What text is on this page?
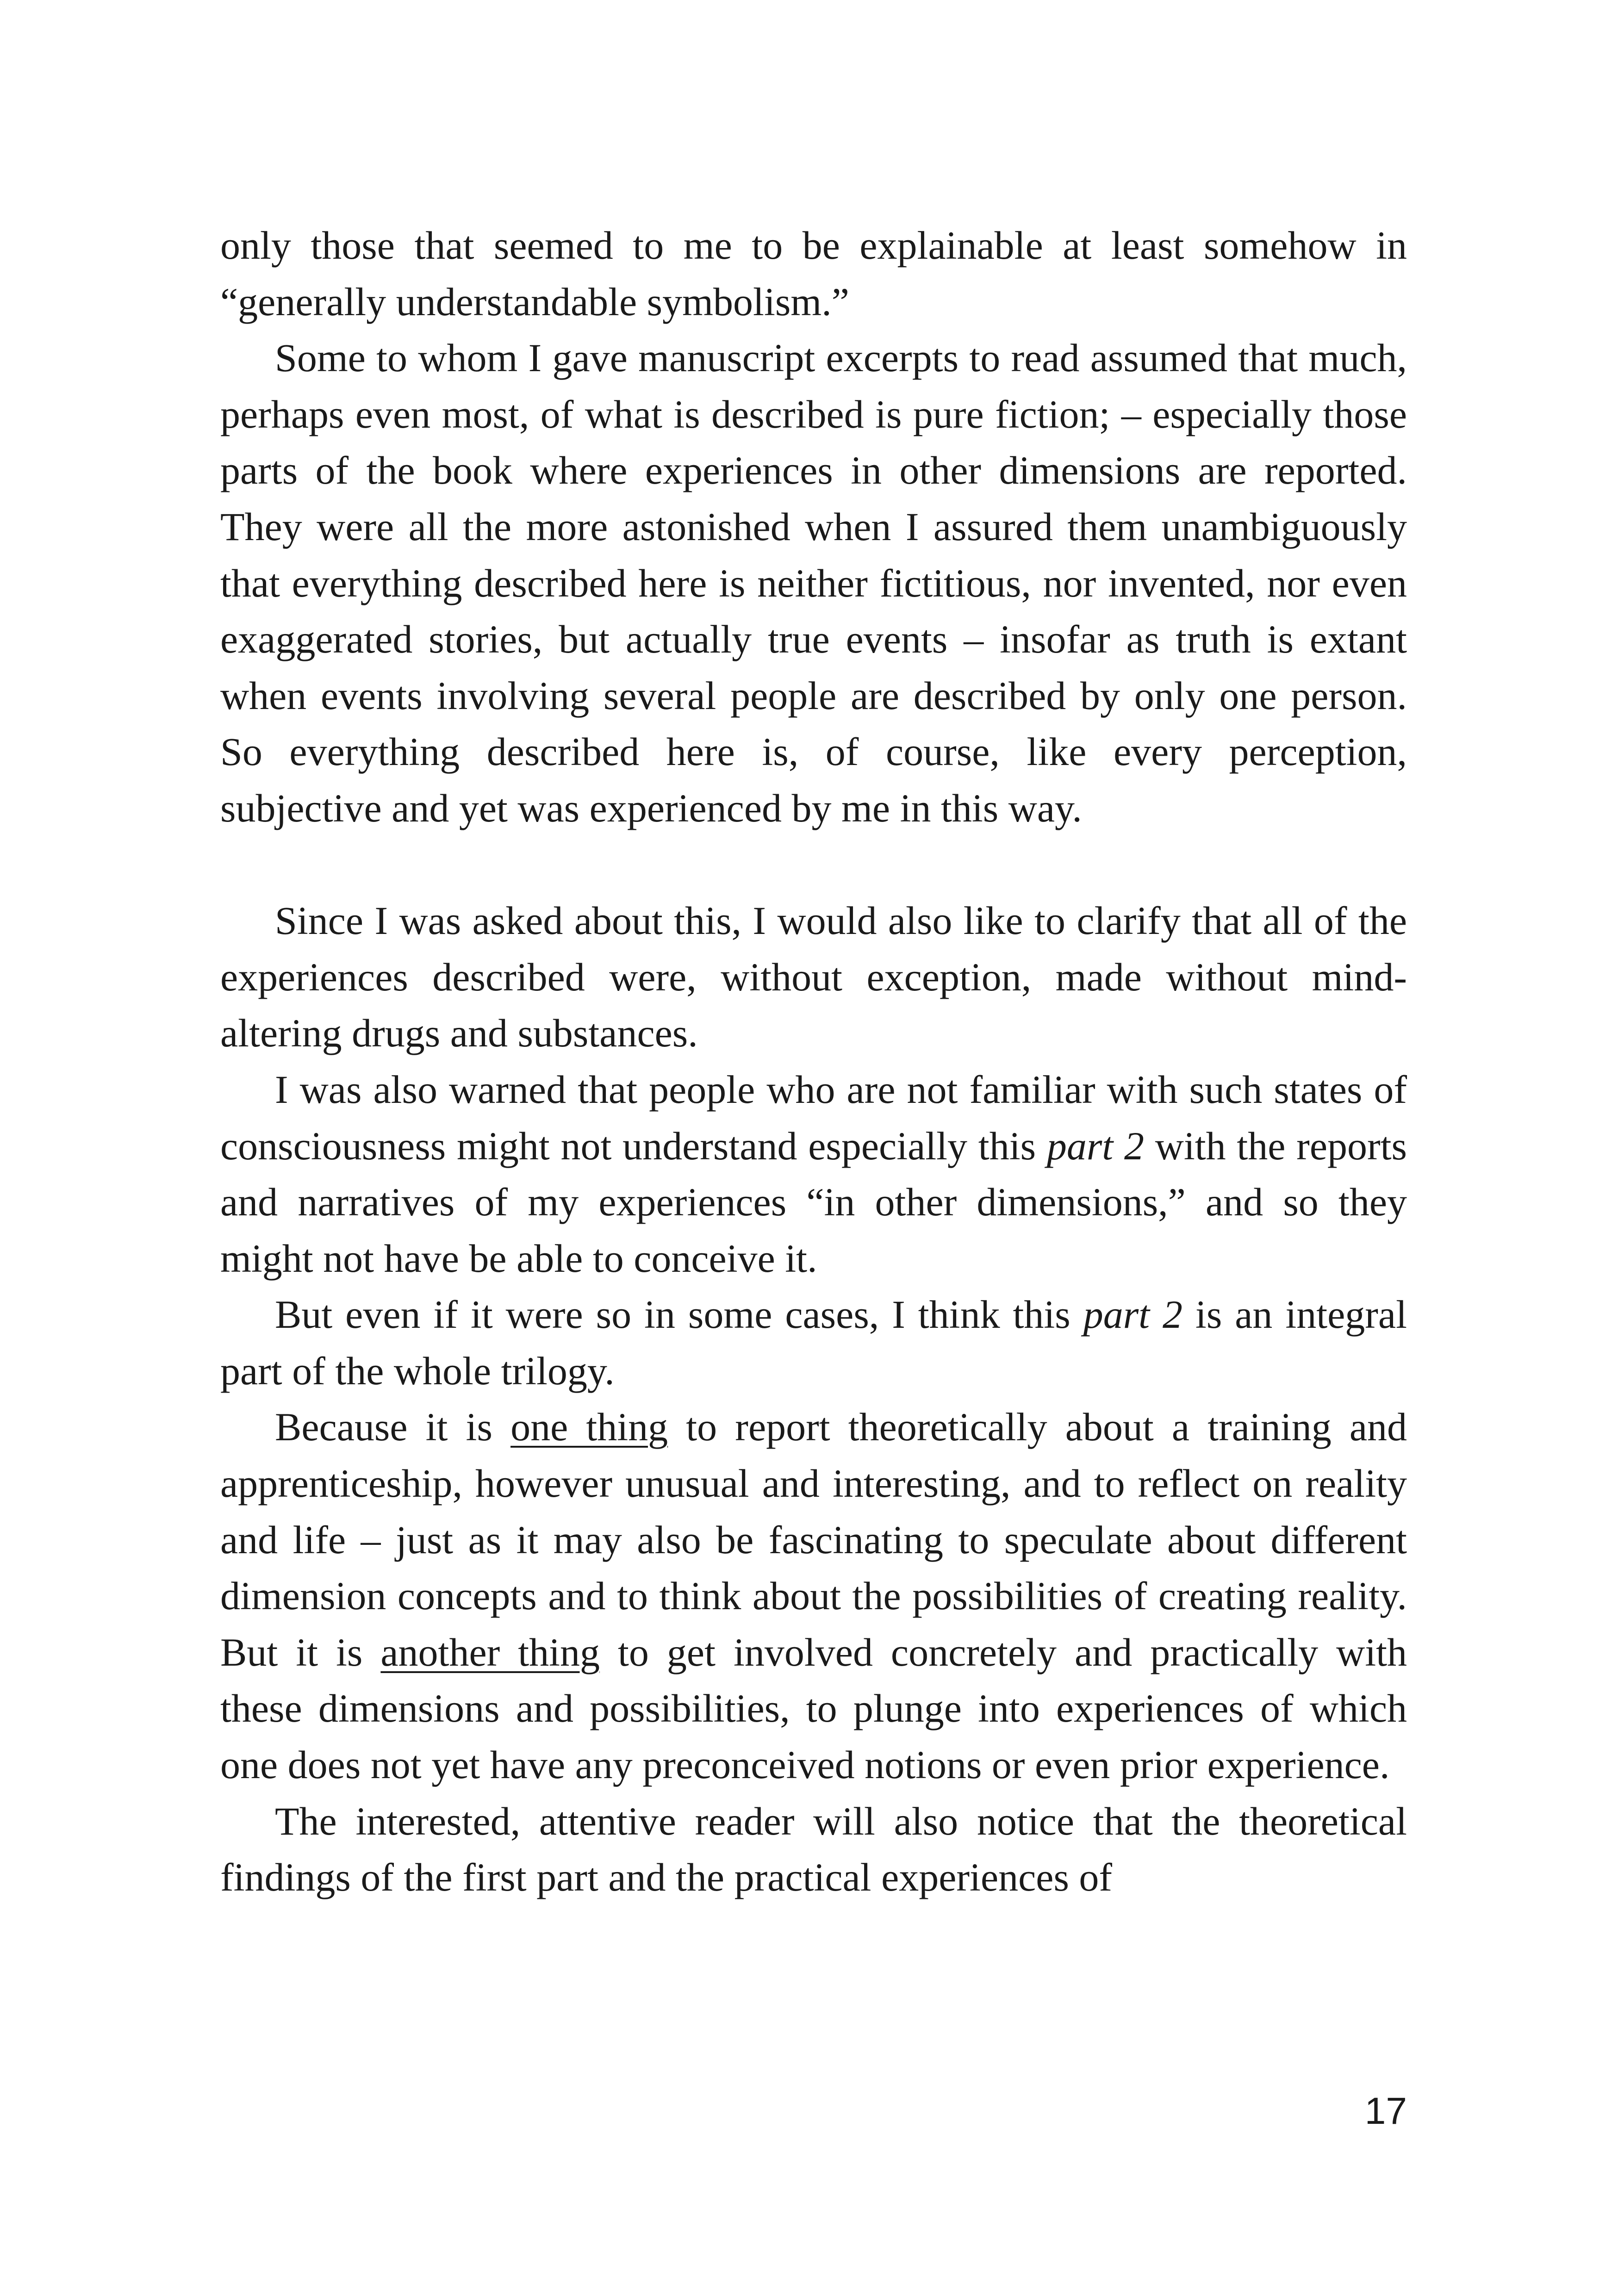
only those that seemed to me to be explainable at least somehow in “generally understandable symbolism.”

Some to whom I gave manuscript excerpts to read assumed that much, perhaps even most, of what is described is pure fiction; – especially those parts of the book where experiences in other dimensions are reported. They were all the more astonished when I assured them unambiguously that everything described here is neither fictitious, nor invented, nor even exaggerated stories, but actually true events – insofar as truth is extant when events involving several people are described by only one person. So everything described here is, of course, like every perception, subjective and yet was experienced by me in this way.

Since I was asked about this, I would also like to clarify that all of the experiences described were, without exception, made without mind-altering drugs and substances.

I was also warned that people who are not familiar with such states of consciousness might not understand especially this part 2 with the reports and narratives of my experiences “in other dimensions,” and so they might not have be able to conceive it.

But even if it were so in some cases, I think this part 2 is an integral part of the whole trilogy.

Because it is one thing to report theoretically about a training and apprenticeship, however unusual and interesting, and to reflect on reality and life – just as it may also be fascinating to speculate about different dimension concepts and to think about the possibilities of creating reality. But it is another thing to get involved concretely and practically with these dimensions and possibilities, to plunge into experiences of which one does not yet have any preconceived notions or even prior experience.

The interested, attentive reader will also notice that the theoretical findings of the first part and the practical experiences of

17
